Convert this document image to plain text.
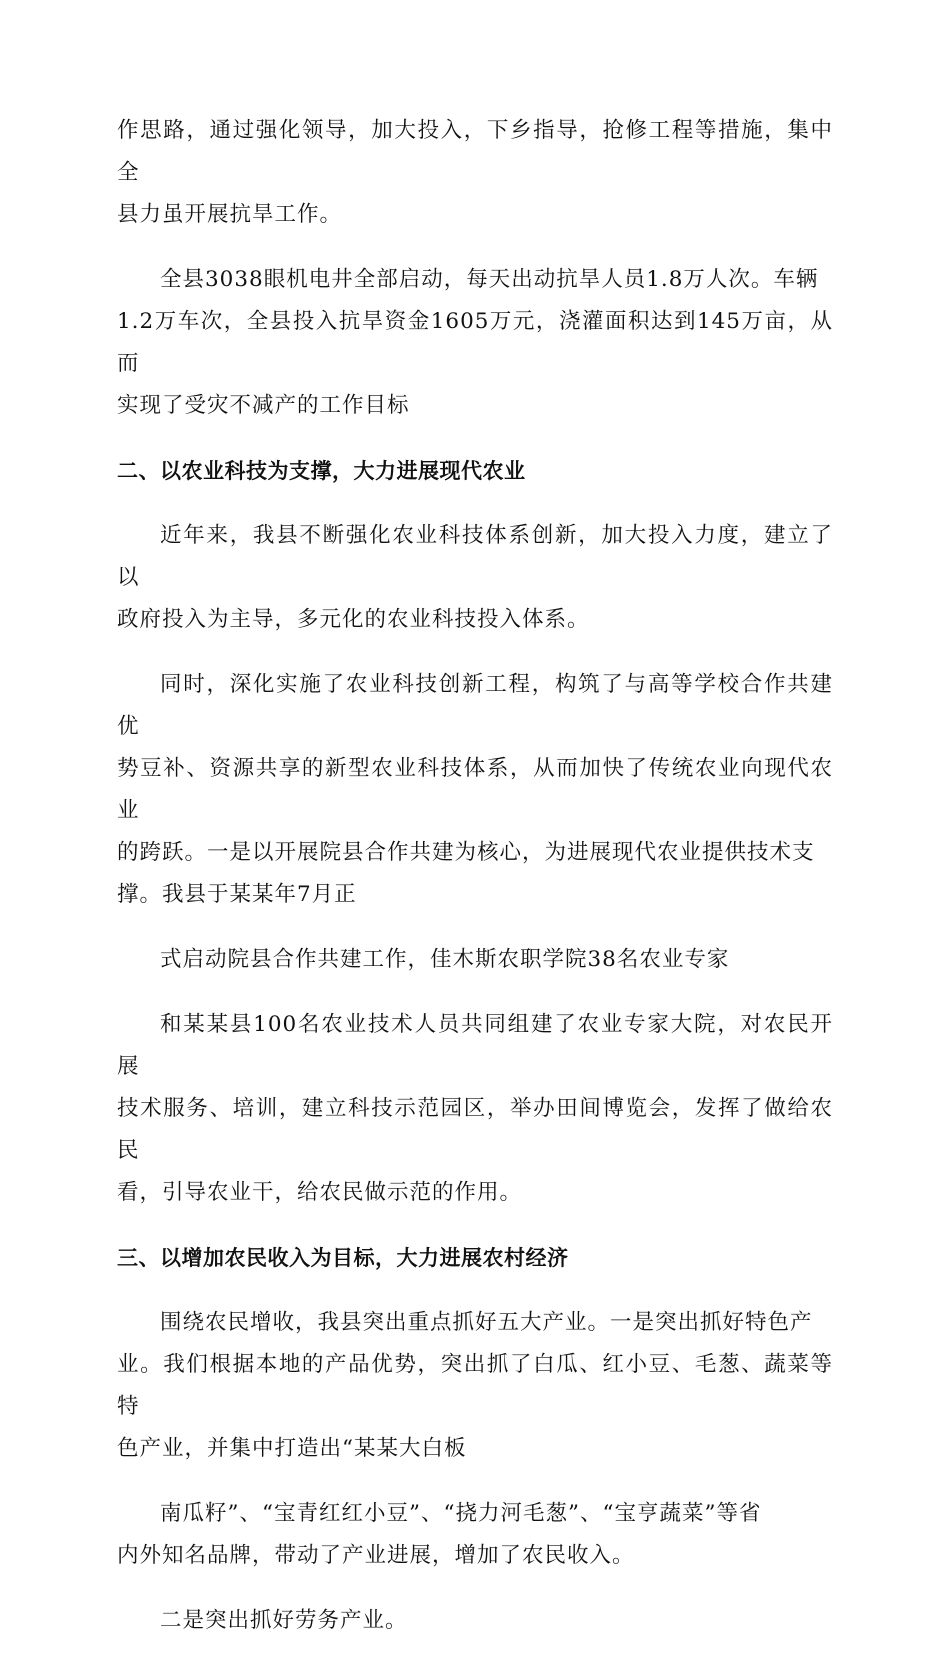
作思路，通过强化领导，加大投入，下乡指导，抢修工程等措施，集中全
县力虽开展抗旱工作。

全县3038眼机电井全部启动，每天出动抗旱人员1.8万人次。车辆
1.2万车次，全县投入抗旱资金1605万元，浇灌面积达到145万亩，从而
实现了受灾不减产的工作目标

二、以农业科技为支撑，大力进展现代农业

近年来，我县不断强化农业科技体系创新，加大投入力度，建立了以
政府投入为主导，多元化的农业科技投入体系。

同时，深化实施了农业科技创新工程，构筑了与高等学校合作共建优
势豆补、资源共享的新型农业科技体系，从而加快了传统农业向现代农业
的跨跃。一是以开展院县合作共建为核心，为进展现代农业提供技术支
撑。我县于某某年7月正

式启动院县合作共建工作，佳木斯农职学院38名农业专家

和某某县100名农业技术人员共同组建了农业专家大院，对农民开展
技术服务、培训，建立科技示范园区，举办田间博览会，发挥了做给农民
看，引导农业干，给农民做示范的作用。

三、以增加农民收入为目标，大力进展农村经济

围绕农民增收，我县突出重点抓好五大产业。一是突出抓好特色产
业。我们根据本地的产品优势，突出抓了白瓜、红小豆、毛葱、蔬菜等特
色产业，并集中打造出“某某大白板

南瓜籽”、“宝青红红小豆”、“挠力河毛葱”、“宝亨蔬菜”等省
内外知名品牌，带动了产业进展，增加了农民收入。

二是突出抓好劳务产业。
